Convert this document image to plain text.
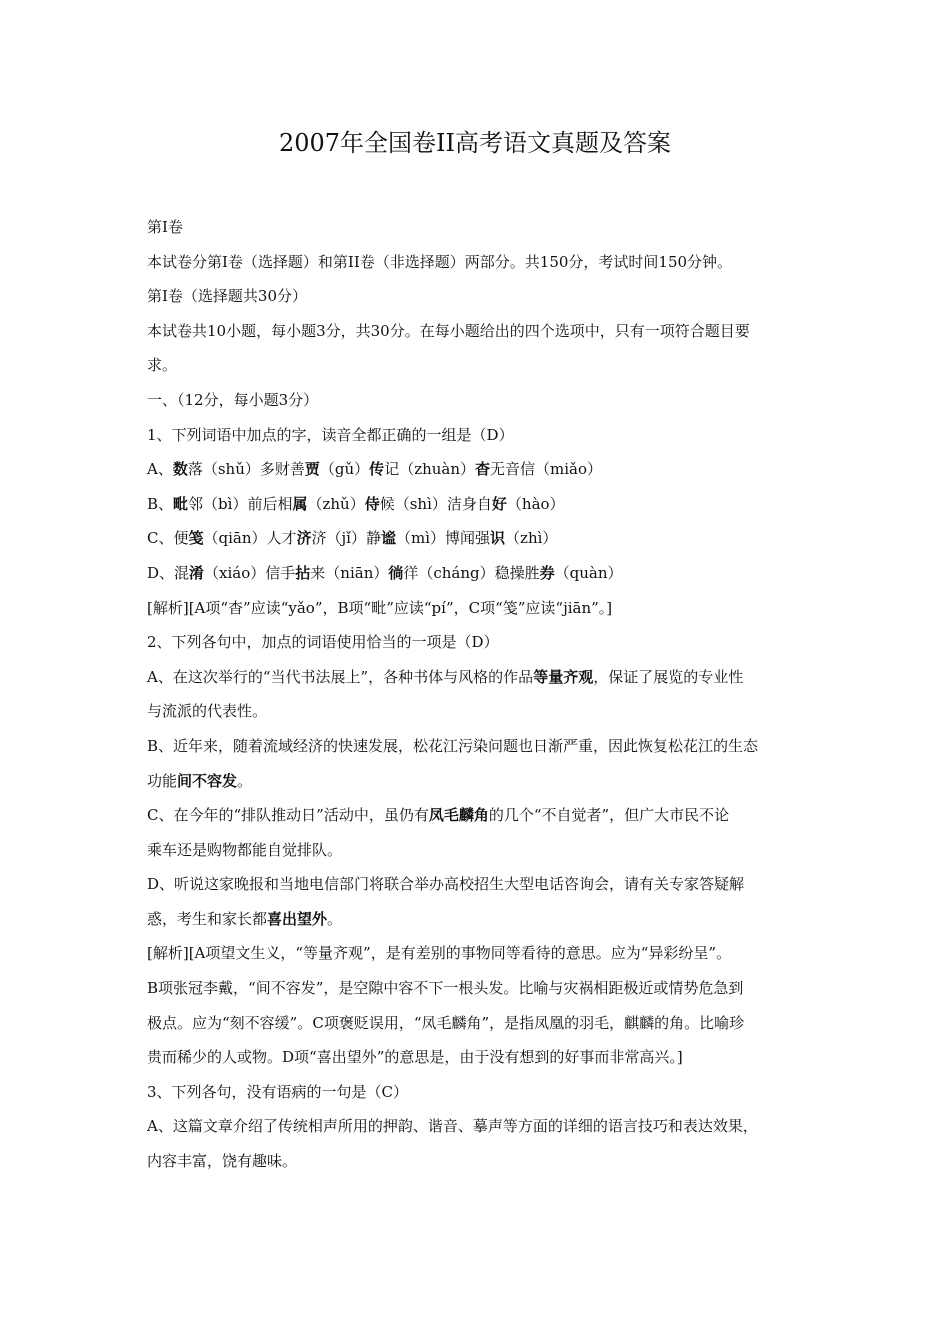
2007年全国卷II高考语文真题及答案
第Ⅰ卷
本试卷分第Ⅰ卷（选择题）和第II卷（非选择题）两部分。共150分，考试时间150分钟。
第Ⅰ卷（选择题共30分）
本试卷共10小题，每小题3分，共30分。在每小题给出的四个选项中，只有一项符合题目要
求。
一、（12分，每小题3分）
1、下列词语中加点的字，读音全都正确的一组是（D）
A、数落（shǔ）多财善贾（gǔ）传记（zhuàn）杳无音信（miǎo）
B、毗邻（bì）前后相属（zhǔ）侍候（shì）洁身自好（hào）
C、便笺（qiān）人才济济（jǐ）静谧（mì）博闻强识（zhì）
D、混淆（xiáo）信手拈来（niān）徜徉（cháng）稳操胜券（quàn）
[解析][A项“杳”应读“yǎo”，B项“毗”应读“pí”，C项“笺”应读“jiān”。]
2、下列各句中，加点的词语使用恰当的一项是（D）
A、在这次举行的“当代书法展上”，各种书体与风格的作品等量齐观，保证了展览的专业性
与流派的代表性。
B、近年来，随着流域经济的快速发展，松花江污染问题也日渐严重，因此恢复松花江的生态
功能间不容发。
C、在今年的“排队推动日”活动中，虽仍有凤毛麟角的几个“不自觉者”，但广大市民不论
乘车还是购物都能自觉排队。
D、听说这家晚报和当地电信部门将联合举办高校招生大型电话咨询会，请有关专家答疑解
惑，考生和家长都喜出望外。
[解析][A项望文生义，“等量齐观”，是有差别的事物同等看待的意思。应为“异彩纷呈”。
B项张冠李戴，“间不容发”，是空隙中容不下一根头发。比喻与灾祸相距极近或情势危急到
极点。应为“刻不容缓”。C项褒贬误用，“凤毛麟角”，是指凤凰的羽毛，麒麟的角。比喻珍
贵而稀少的人或物。D项“喜出望外”的意思是，由于没有想到的好事而非常高兴。]
3、下列各句，没有语病的一句是（C）
A、这篇文章介绍了传统相声所用的押韵、谐音、摹声等方面的详细的语言技巧和表达效果，
内容丰富，饶有趣味。
